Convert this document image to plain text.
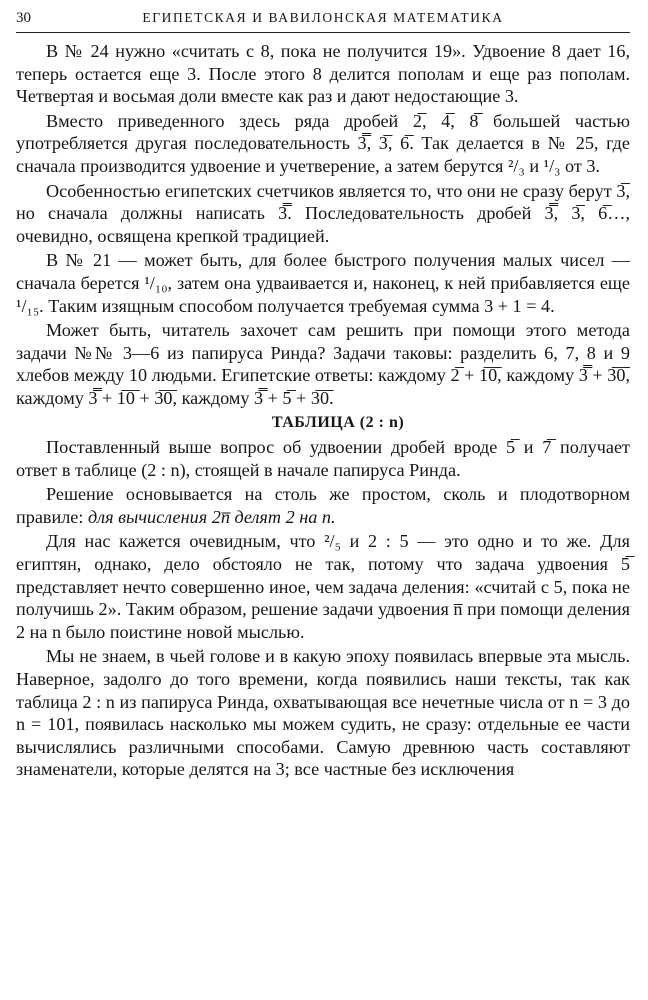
30	ЕГИПЕТСКАЯ И ВАВИЛОНСКАЯ МАТЕМАТИКА

В № 24 нужно «считать с 8, пока не получится 19». Удвоение 8 дает 16, теперь остается еще 3. После этого 8 делится пополам и еще раз пополам. Четвертая и восьмая доли вместе как раз и дают недостающие 3.

Вместо приведенного здесь ряда дробей 2̅, 4̅, 8̅ большей частью употребляется другая последовательность 3̿, 3̅, 6̅. Так делается в № 25, где сначала производится удвоение и учетверение, а затем берутся ²/₃ и ¹/₃ от 3.

Особенностью египетских счетчиков является то, что они не сразу берут 3̅, но сначала должны написать 3̿. Последовательность дробей 3̿, 3̅, 6̅…, очевидно, освящена крепкой традицией.

В № 21 — может быть, для более быстрого получения малых чисел — сначала берется ¹/₁₀, затем она удваивается и, наконец, к ней прибавляется еще ¹/₁₅. Таким изящным способом получается требуемая сумма 3 + 1 = 4.

Может быть, читатель захочет сам решить при помощи этого метода задачи №№ 3—6 из папируса Ринда? Задачи таковы: разделить 6, 7, 8 и 9 хлебов между 10 людьми. Египетские ответы: каждому 2̅ + 1̅0̅, каждому 3̿ + 3̅0̅, каждому 3̿ + 1̅0̅ + 3̅0̅, каждому 3̿ + 5̅ + 3̅0̅.

ТАБЛИЦА (2 : n)

Поставленный выше вопрос об удвоении дробей вроде 5̅ и 7̅ получает ответ в таблице (2 : n), стоящей в начале папируса Ринда.

Решение основывается на столь же простом, сколь и плодотворном правиле: для вычисления 2n̅ делят 2 на n.

Для нас кажется очевидным, что ²/₅ и 2 : 5 — это одно и то же. Для египтян, однако, дело обстояло не так, потому что задача удвоения 5̅ представляет нечто совершенно иное, чем задача деления: «считай с 5, пока не получишь 2». Таким образом, решение задачи удвоения n̅ при помощи деления 2 на n было поистине новой мыслью.

Мы не знаем, в чьей голове и в какую эпоху появилась впервые эта мысль. Наверное, задолго до того времени, когда появились наши тексты, так как таблица 2 : n из папируса Ринда, охватывающая все нечетные числа от n = 3 до n = 101, появилась насколько мы можем судить, не сразу: отдельные ее части вычислялись различными способами. Самую древнюю часть составляют знаменатели, которые делятся на 3; все частные без исключения
